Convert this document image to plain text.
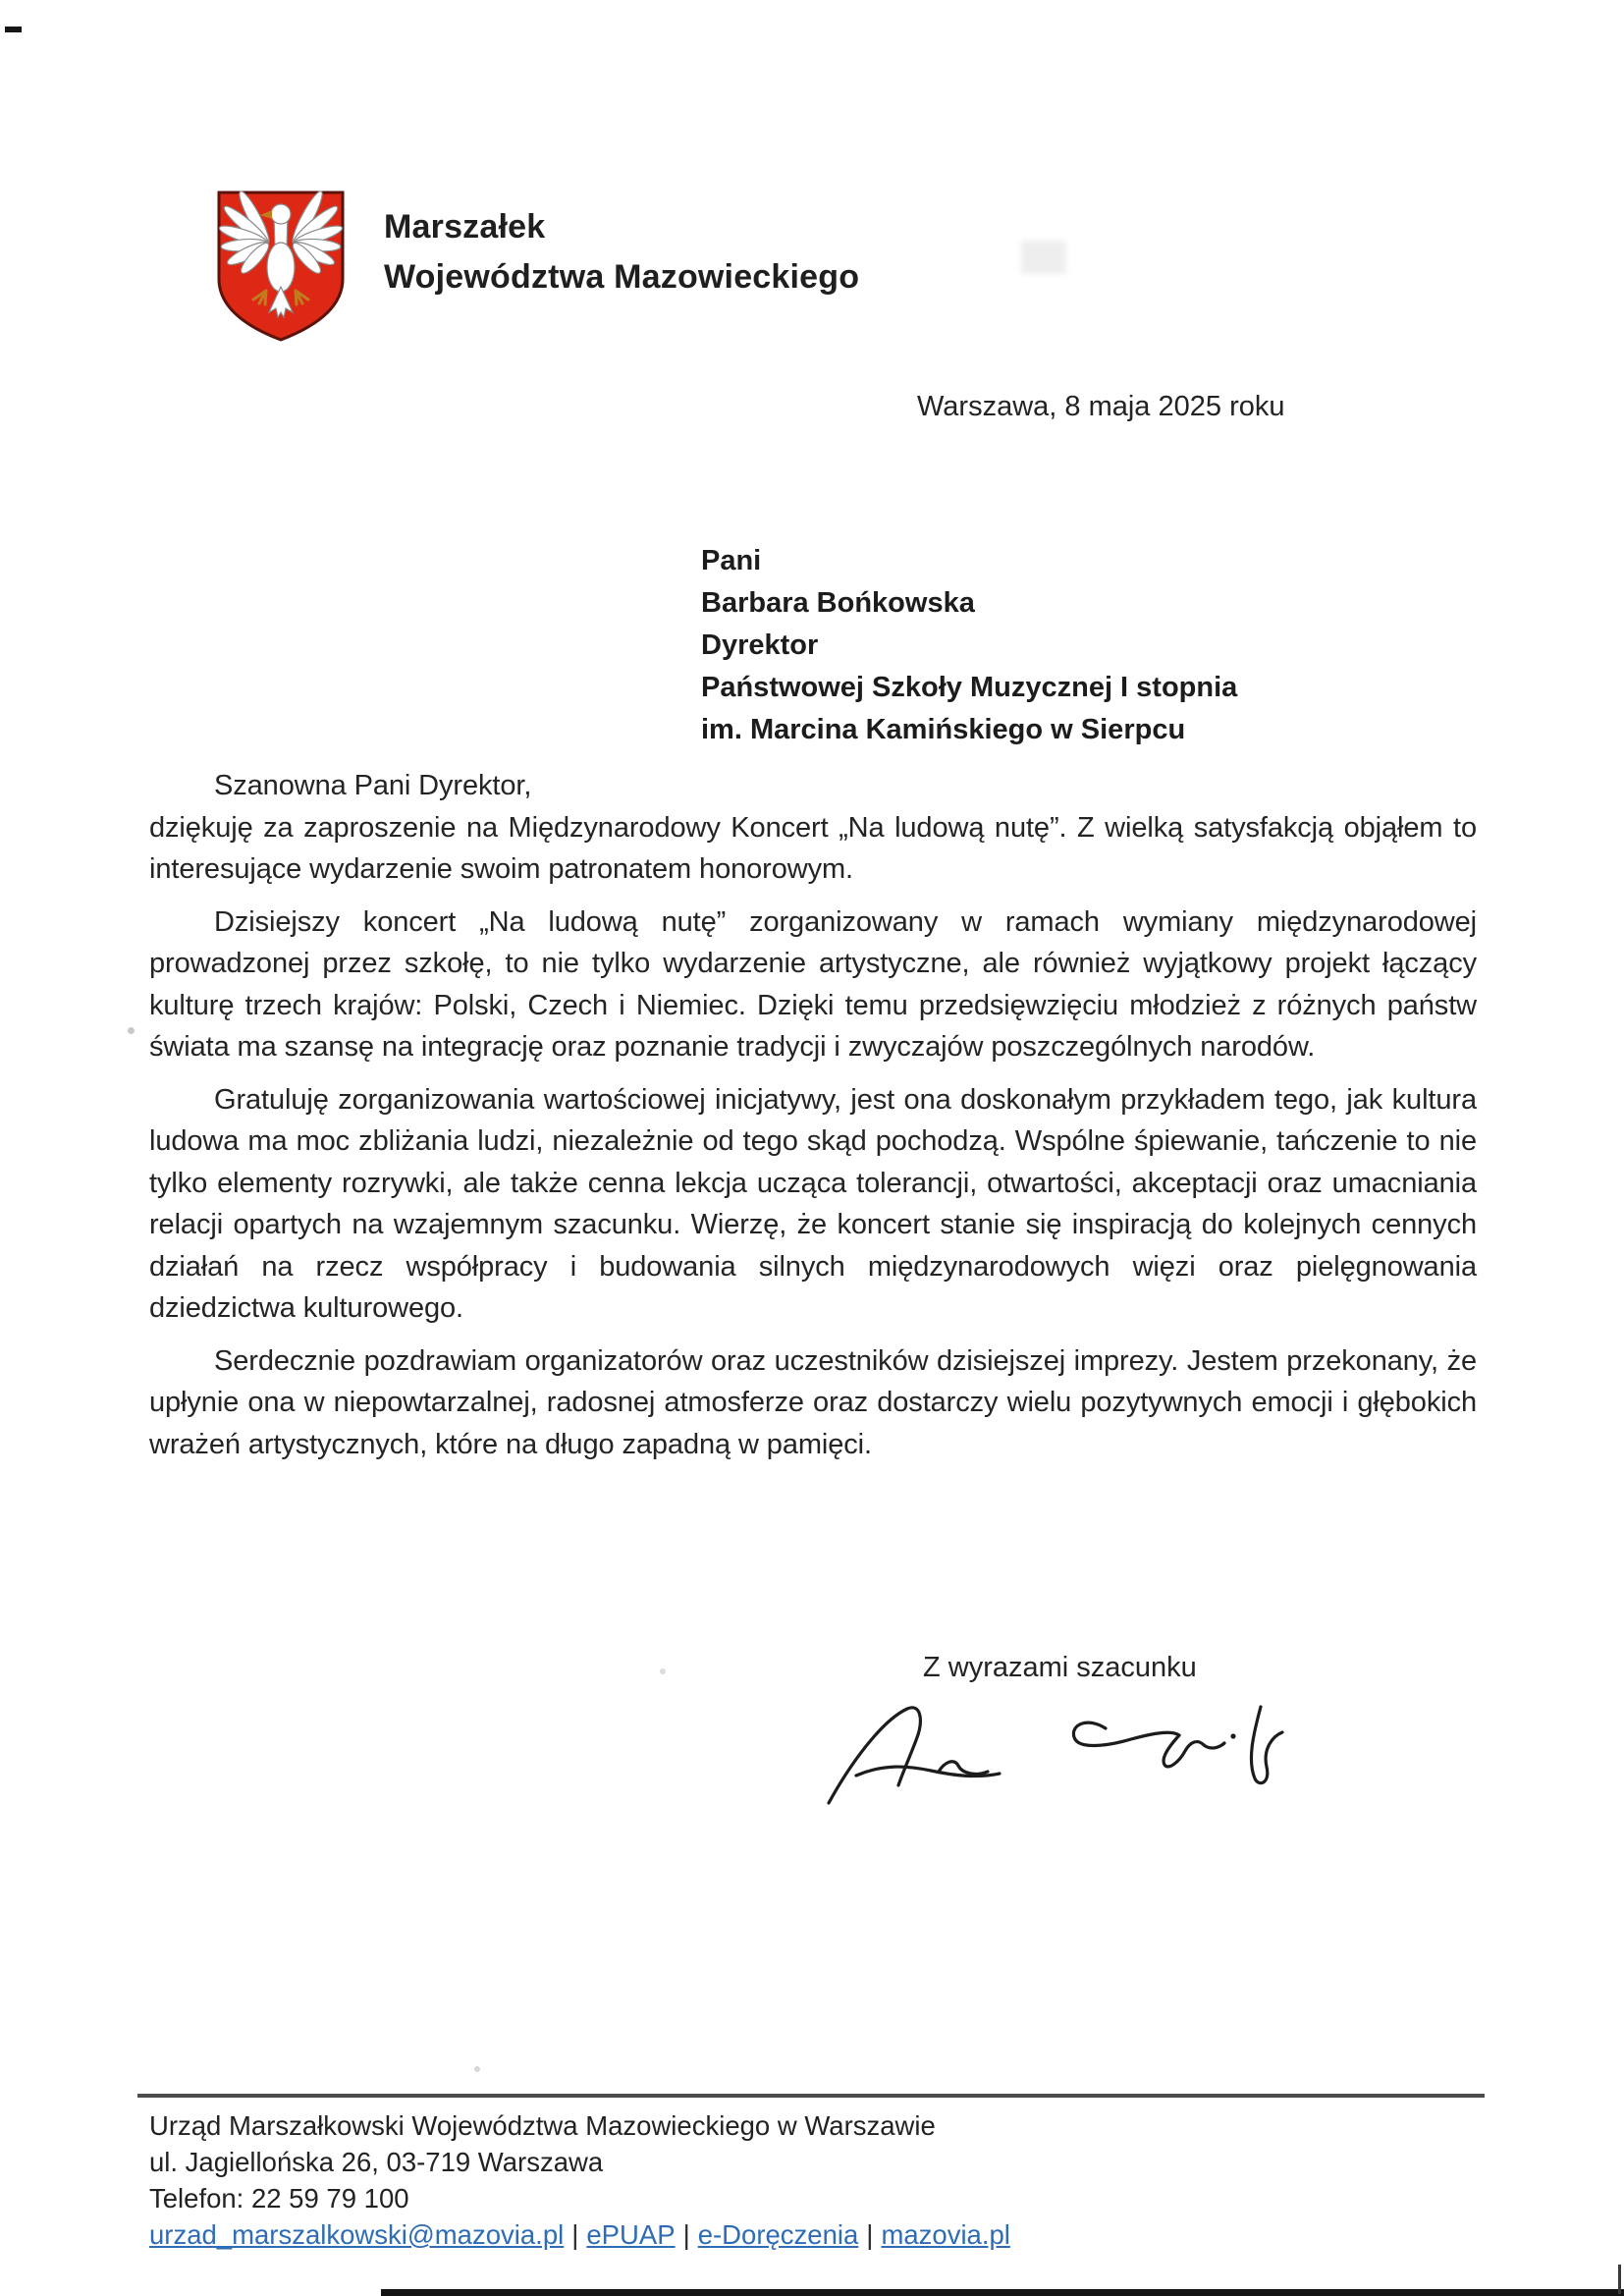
Marszałek
Województwa Mazowieckiego
Warszawa, 8 maja 2025 roku
Pani
Barbara Bońkowska
Dyrektor
Państwowej Szkoły Muzycznej I stopnia
im. Marcina Kamińskiego w Sierpcu
Szanowna Pani Dyrektor,

dziękuję za zaproszenie na Międzynarodowy Koncert „Na ludową nutę”. Z wielką satysfakcją objąłem to interesujące wydarzenie swoim patronatem honorowym.

Dzisiejszy koncert „Na ludową nutę” zorganizowany w ramach wymiany międzynarodowej prowadzonej przez szkołę, to nie tylko wydarzenie artystyczne, ale również wyjątkowy projekt łączący kulturę trzech krajów: Polski, Czech i Niemiec. Dzięki temu przedsięwzięciu młodzież z różnych państw świata ma szansę na integrację oraz poznanie tradycji i zwyczajów poszczególnych narodów.

Gratuluję zorganizowania wartościowej inicjatywy, jest ona doskonałym przykładem tego, jak kultura ludowa ma moc zbliżania ludzi, niezależnie od tego skąd pochodzą. Wspólne śpiewanie, tańczenie to nie tylko elementy rozrywki, ale także cenna lekcja ucząca tolerancji, otwartości, akceptacji oraz umacniania relacji opartych na wzajemnym szacunku. Wierzę, że koncert stanie się inspiracją do kolejnych cennych działań na rzecz współpracy i budowania silnych międzynarodowych więzi oraz pielęgnowania dziedzictwa kulturowego.

Serdecznie pozdrawiam organizatorów oraz uczestników dzisiejszej imprezy. Jestem przekonany, że upłynie ona w niepowtarzalnej, radosnej atmosferze oraz dostarczy wielu pozytywnych emocji i głębokich wrażeń artystycznych, które na długo zapadną w pamięci.

Z wyrazami szacunku
Urząd Marszałkowski Województwa Mazowieckiego w Warszawie
ul. Jagiellońska 26, 03-719 Warszawa
Telefon: 22 59 79 100
urzad_marszalkowski@mazovia.pl | ePUAP | e-Doręczenia | mazovia.pl
